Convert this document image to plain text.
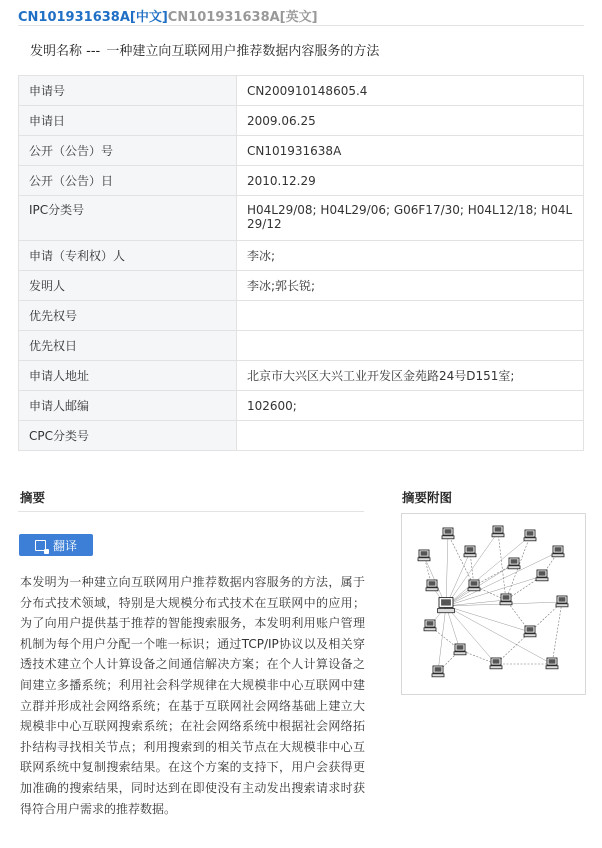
CN101931638A[中文]CN101931638A[英文]
发明名称 --- 一种建立向互联网用户推荐数据内容服务的方法
申请号	CN200910148605.4
申请日	2009.06.25
公开（公告）号	CN101931638A
公开（公告）日	2010.12.29
IPC分类号	H04L29/08; H04L29/06; G06F17/30; H04L12/18; H04L29/12
申请（专利权）人	李冰;
发明人	李冰;郭长锐;
优先权号	
优先权日	
申请人地址	北京市大兴区大兴工业开发区金苑路24号D151室;
申请人邮编	102600;
CPC分类号	
摘要
翻译
本发明为一种建立向互联网用户推荐数据内容服务的方法，属于分布式技术领域，特别是大规模分布式技术在互联网中的应用；为了向用户提供基于推荐的智能搜索服务，本发明利用账户管理机制为每个用户分配一个唯一标识；通过TCP/IP协议以及相关穿透技术建立个人计算设备之间通信解决方案；在个人计算设备之间建立多播系统；利用社会科学规律在大规模非中心互联网中建立群并形成社会网络系统；在基于互联网社会网络基础上建立大规模非中心互联网搜索系统；在社会网络系统中根据社会网络拓扑结构寻找相关节点；利用搜索到的相关节点在大规模非中心互联网系统中复制搜索结果。在这个方案的支持下，用户会获得更加准确的搜索结果，同时达到在即使没有主动发出搜索请求时获得符合用户需求的推荐数据。
摘要附图
